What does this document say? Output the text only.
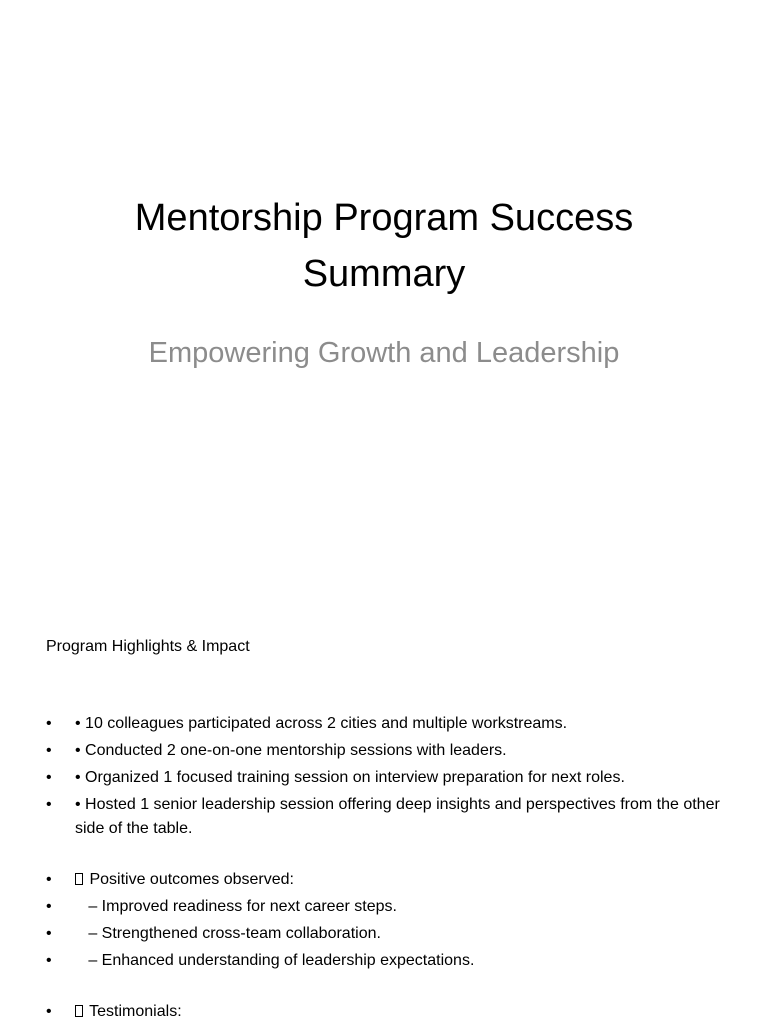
Mentorship Program Success Summary
Empowering Growth and Leadership
Program Highlights & Impact
• • 10 colleagues participated across 2 cities and multiple workstreams.
• • Conducted 2 one-on-one mentorship sessions with leaders.
• • Organized 1 focused training session on interview preparation for next roles.
• • Hosted 1 senior leadership session offering deep insights and perspectives from the other side of the table.
• Positive outcomes observed:
• – Improved readiness for next career steps.
• – Strengthened cross-team collaboration.
• – Enhanced understanding of leadership expectations.
• Testimonials:
